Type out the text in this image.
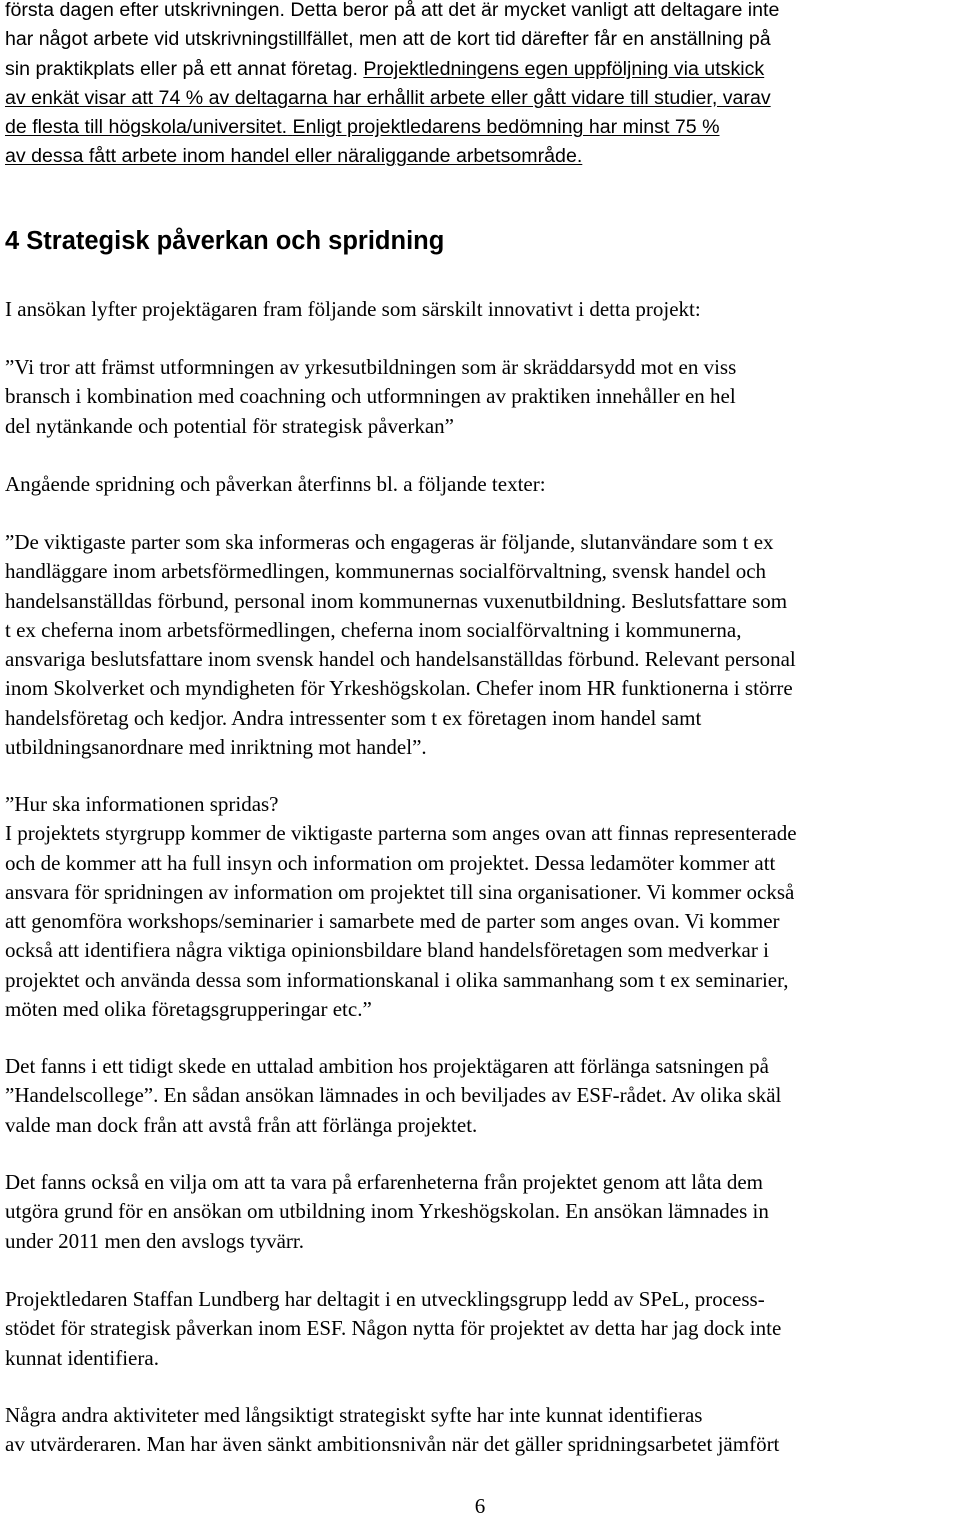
första dagen efter utskrivningen. Detta beror på att det är mycket vanligt att deltagare inte
har något arbete vid utskrivningstillfället, men att de kort tid därefter får en anställning på
sin praktikplats eller på ett annat företag. Projektledningens egen uppföljning via utskick
av enkät visar att 74 % av deltagarna har erhållit arbete eller gått vidare till studier, varav
de flesta till högskola/universitet. Enligt projektledarens bedömning har minst 75 %
av dessa fått arbete inom handel eller näraliggande arbetsområde.
4 Strategisk påverkan och spridning
I ansökan lyfter projektägaren fram följande som särskilt innovativt i detta projekt:
”Vi tror att främst utformningen av yrkesutbildningen som är skräddarsydd mot en viss
bransch i kombination med coachning och utformningen av praktiken innehåller en hel
del nytänkande och potential för strategisk påverkan”
Angående spridning och påverkan återfinns bl. a följande texter:
”De viktigaste parter som ska informeras och engageras är följande, slutanvändare som t ex
handläggare inom arbetsförmedlingen, kommunernas socialförvaltning, svensk handel och
handelsanställdas förbund, personal inom kommunernas vuxenutbildning. Beslutsfattare som
t ex cheferna inom arbetsförmedlingen, cheferna inom socialförvaltning i kommunerna,
ansvariga beslutsfattare inom svensk handel och handelsanställdas förbund. Relevant personal
inom Skolverket och myndigheten för Yrkeshögskolan. Chefer inom HR funktionerna i större
handelsföretag och kedjor. Andra intressenter som t ex företagen inom handel samt
utbildningsanordnare med inriktning mot handel”.
”Hur ska informationen spridas?
I projektets styrgrupp kommer de viktigaste parterna som anges ovan att finnas representerade
och de kommer att ha full insyn och information om projektet. Dessa ledamöter kommer att
ansvara för spridningen av information om projektet till sina organisationer. Vi kommer också
att genomföra workshops/seminarier i samarbete med de parter som anges ovan. Vi kommer
också att identifiera några viktiga opinionsbildare bland handelsföretagen som medverkar i
projektet och använda dessa som informationskanal i olika sammanhang som t ex seminarier,
möten med olika företagsgrupperingar etc.”
Det fanns i ett tidigt skede en uttalad ambition hos projektägaren att förlänga satsningen på
”Handelscollege”. En sådan ansökan lämnades in och beviljades av ESF-rådet. Av olika skäl
valde man dock från att avstå från att förlänga projektet.
Det fanns också en vilja om att ta vara på erfarenheterna från projektet genom att låta dem
utgöra grund för en ansökan om utbildning inom Yrkeshögskolan. En ansökan lämnades in
under 2011 men den avslogs tyvärr.
Projektledaren Staffan Lundberg har deltagit i en utvecklingsgrupp ledd av SPeL, process-
stödet för strategisk påverkan inom ESF. Någon nytta för projektet av detta har jag dock inte
kunnat identifiera.
Några andra aktiviteter med långsiktigt strategiskt syfte har inte kunnat identifieras
av utvärderaren. Man har även sänkt ambitionsnivån när det gäller spridningsarbetet jämfört
6
